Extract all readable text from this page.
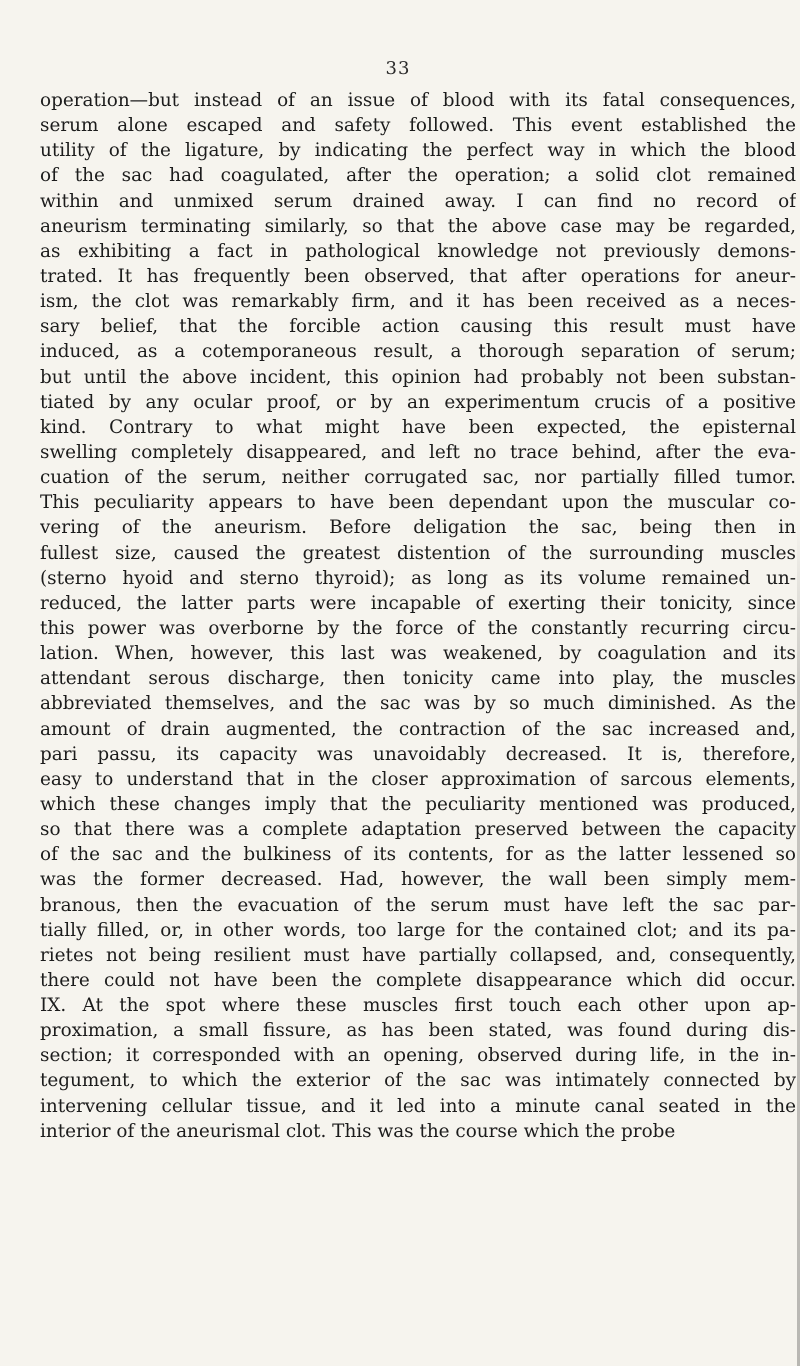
33
operation—but instead of an issue of blood with its fatal consequences,
serum alone escaped and safety followed. This event established the
utility of the ligature, by indicating the perfect way in which the blood
of the sac had coagulated, after the operation; a solid clot remained
within and unmixed serum drained away. I can find no record of
aneurism terminating similarly, so that the above case may be regarded,
as exhibiting a fact in pathological knowledge not previously demons-
trated. It has frequently been observed, that after operations for aneur-
ism, the clot was remarkably firm, and it has been received as a neces-
sary belief, that the forcible action causing this result must have
induced, as a cotemporaneous result, a thorough separation of serum;
but until the above incident, this opinion had probably not been substan-
tiated by any ocular proof, or by an experimentum crucis of a positive
kind. Contrary to what might have been expected, the episternal
swelling completely disappeared, and left no trace behind, after the eva-
cuation of the serum, neither corrugated sac, nor partially filled tumor.
This peculiarity appears to have been dependant upon the muscular co-
vering of the aneurism. Before deligation the sac, being then in
fullest size, caused the greatest distention of the surrounding muscles
(sterno hyoid and sterno thyroid); as long as its volume remained un-
reduced, the latter parts were incapable of exerting their tonicity, since
this power was overborne by the force of the constantly recurring circu-
lation. When, however, this last was weakened, by coagulation and its
attendant serous discharge, then tonicity came into play, the muscles
abbreviated themselves, and the sac was by so much diminished. As the
amount of drain augmented, the contraction of the sac increased and,
pari passu, its capacity was unavoidably decreased. It is, therefore,
easy to understand that in the closer approximation of sarcous elements,
which these changes imply that the peculiarity mentioned was produced,
so that there was a complete adaptation preserved between the capacity
of the sac and the bulkiness of its contents, for as the latter lessened so
was the former decreased. Had, however, the wall been simply mem-
branous, then the evacuation of the serum must have left the sac par-
tially filled, or, in other words, too large for the contained clot; and its pa-
rietes not being resilient must have partially collapsed, and, consequently,
there could not have been the complete disappearance which did occur.
IX. At the spot where these muscles first touch each other upon ap-
proximation, a small fissure, as has been stated, was found during dis-
section; it corresponded with an opening, observed during life, in the in-
tegument, to which the exterior of the sac was intimately connected by
intervening cellular tissue, and it led into a minute canal seated in the
interior of the aneurismal clot. This was the course which the probe
